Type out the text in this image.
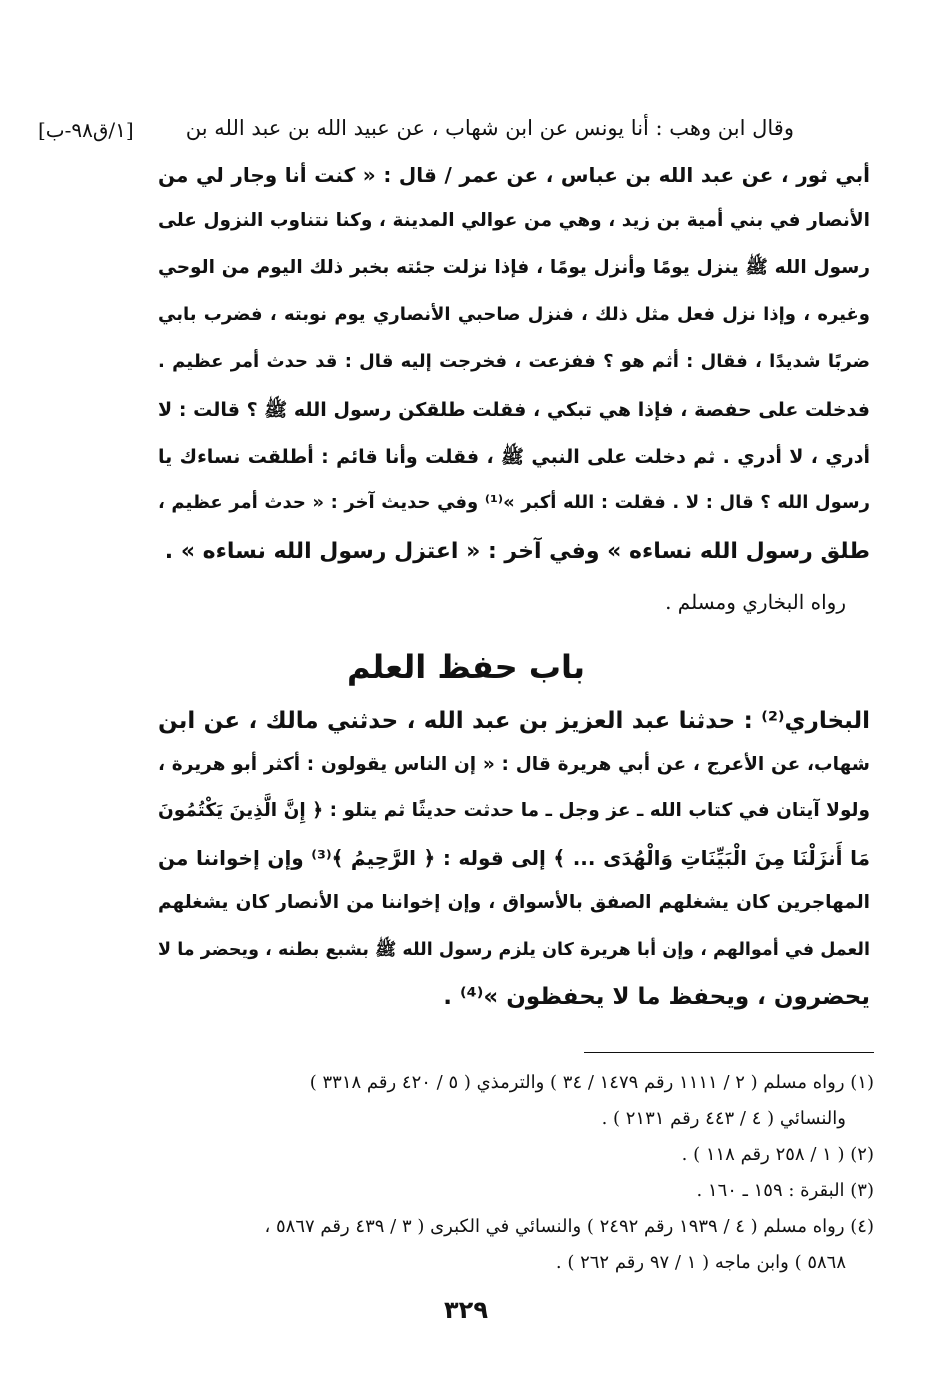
[١/ق٩٨-ب] وقال ابن وهب : أنا يونس عن ابن شهاب ، عن عبيد الله بن عبد الله بن
أبي ثور ، عن عبد الله بن عباس ، عن عمر / قال : « كنت أنا وجار لي من
الأنصار في بني أمية بن زيد ، وهي من عوالي المدينة ، وكنا نتناوب النزول على
رسول الله ﷺ ينزل يومًا وأنزل يومًا ، فإذا نزلت جئته بخبر ذلك اليوم من الوحي
وغيره ، وإذا نزل فعل مثل ذلك ، فنزل صاحبي الأنصاري يوم نوبته ، فضرب بابي
ضربًا شديدًا ، فقال : أثم هو ؟ ففزعت ، فخرجت إليه قال : قد حدث أمر عظيم .
فدخلت على حفصة ، فإذا هي تبكي ، فقلت طلقكن رسول الله ﷺ ؟ قالت : لا
أدري ، لا أدري . ثم دخلت على النبي ﷺ ، فقلت وأنا قائم : أطلقت نساءك يا
رسول الله ؟ قال : لا . فقلت : الله أكبر »⁽¹⁾ وفي حديث آخر : « حدث أمر عظيم ،
طلق رسول الله نساءه » وفي آخر : « اعتزل رسول الله نساءه » .
رواه البخاري ومسلم .
باب حفظ العلم
البخاري⁽²⁾ : حدثنا عبد العزيز بن عبد الله ، حدثني مالك ، عن ابن
شهاب، عن الأعرج ، عن أبي هريرة قال : « إن الناس يقولون : أكثر أبو هريرة ،
ولولا آيتان في كتاب الله ـ عز وجل ـ ما حدثت حديثًا ثم يتلو : ﴿ إِنَّ الَّذِينَ يَكْتُمُونَ
مَا أَنزَلْنَا مِنَ الْبَيِّنَاتِ وَالْهُدَى ... ﴾ إلى قوله : ﴿ الرَّحِيمُ ﴾⁽³⁾ وإن إخواننا من
المهاجرين كان يشغلهم الصفق بالأسواق ، وإن إخواننا من الأنصار كان يشغلهم
العمل في أموالهم ، وإن أبا هريرة كان يلزم رسول الله ﷺ بشبع بطنه ، ويحضر ما لا
يحضرون ، ويحفظ ما لا يحفظون »⁽⁴⁾ .
(١) رواه مسلم ( ٢ / ١١١١ رقم ١٤٧٩ / ٣٤ ) والترمذي ( ٥ / ٤٢٠ رقم ٣٣١٨ )
والنسائي ( ٤ / ٤٤٣ رقم ٢١٣١ ) .
(٢) ( ١ / ٢٥٨ رقم ١١٨ ) .
(٣) البقرة : ١٥٩ ـ ١٦٠ .
(٤) رواه مسلم ( ٤ / ١٩٣٩ رقم ٢٤٩٢ ) والنسائي في الكبرى ( ٣ / ٤٣٩ رقم ٥٨٦٧ ،
٥٨٦٨ ) وابن ماجه ( ١ / ٩٧ رقم ٢٦٢ ) .
٣٢٩
